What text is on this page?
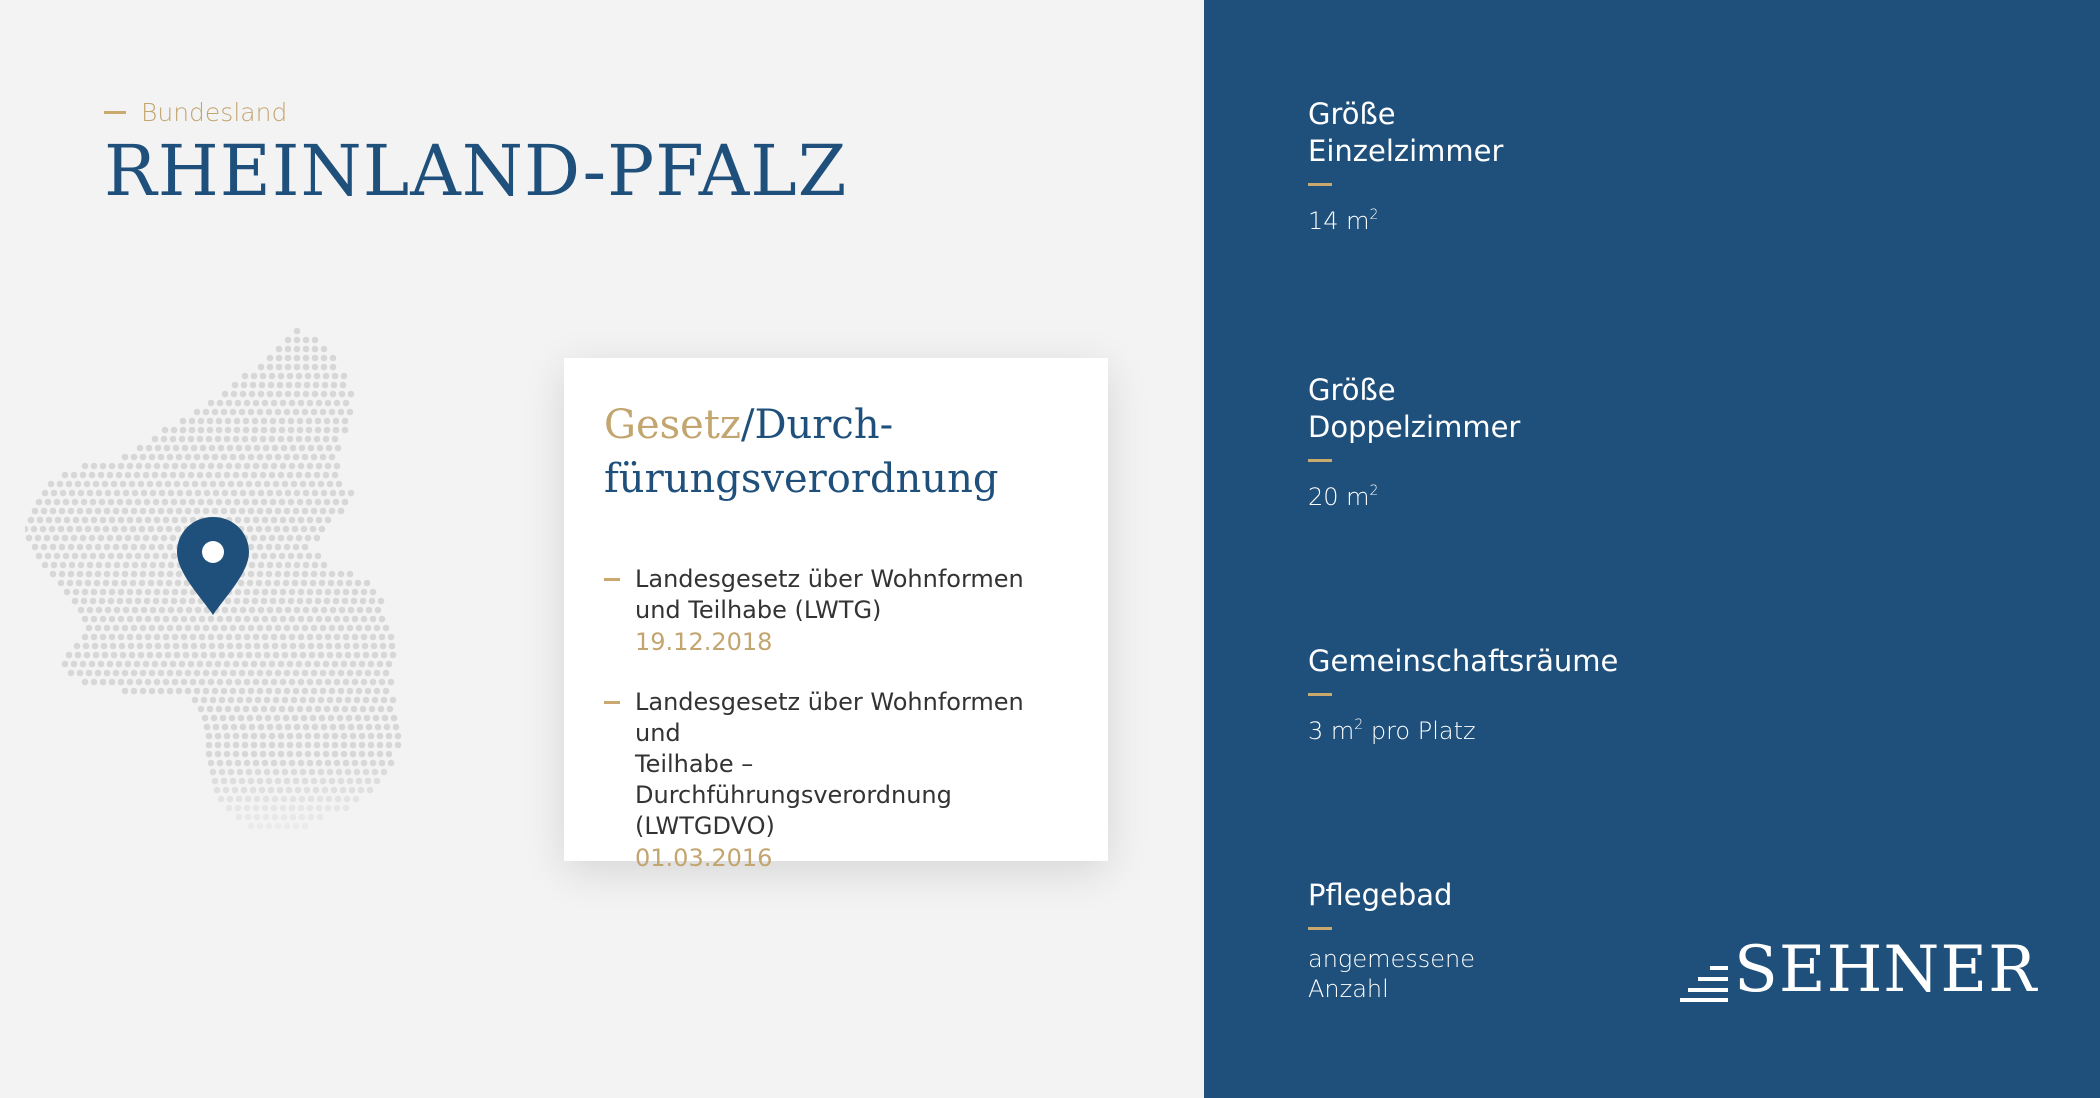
Bundesland
RHEINLAND-PFALZ
Gesetz/Durch-
fürungsverordnung
Landesgesetz über Wohnformen
und Teilhabe (LWTG)
19.12.2018
Landesgesetz über Wohnformen und
Teilhabe – Durchführungsverordnung
(LWTGDVO)
01.03.2016
Größe
Einzelzimmer
14 $m^2$
Größe
Doppelzimmer
20 $m^2$
Gemeinschaftsräume
3 $m^2$ pro Platz
Pflegebad
angemessene
Anzahl	SEHNER
